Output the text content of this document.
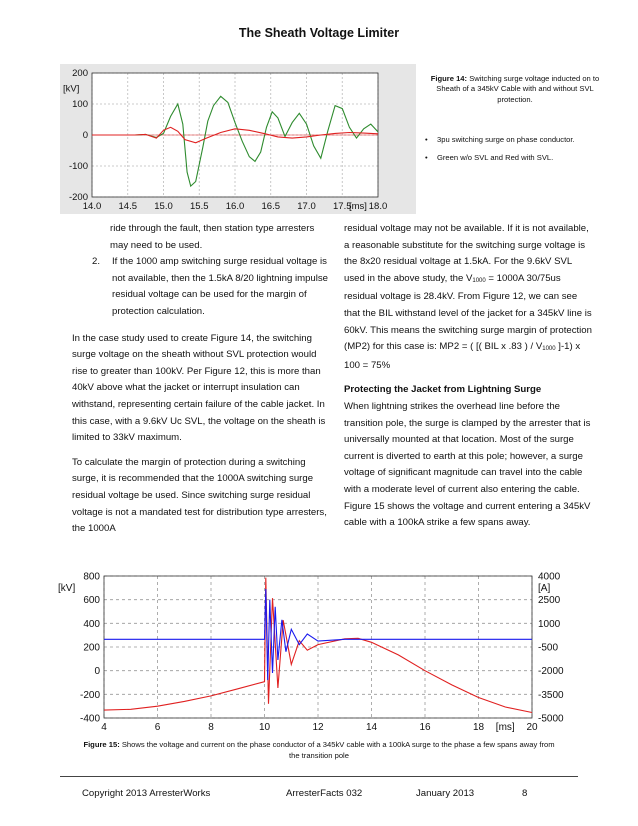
The Sheath Voltage Limiter
14.0 14.5 15.0 15.5 16.0 16.5 17.0 17.5 18.0
200
100
0
-100
-200
[kV]
[ms]
Figure 14: Switching surge voltage inducted on to Sheath of a 345kV Cable with and without SVL protection.
•	3pu switching surge on phase conductor.
•	Green w/o SVL and Red with SVL.
ride through the fault, then station type arresters may need to be used.
2.	If the 1000 amp switching surge residual voltage is not available, then the 1.5kA 8/20 lightning impulse residual voltage can be used for the margin of protection calculation.
In the case study used to create Figure 14, the switching surge voltage on the sheath without SVL protection would rise to greater than 100kV. Per Figure 12, this is more than 40kV above what the jacket or interrupt insulation can withstand, representing certain failure of the cable jacket. In this case, with a 9.6kV Uc SVL, the voltage on the sheath is limited to 33kV maximum.
To calculate the margin of protection during a switching surge, it is recommended that the 1000A switching surge residual voltage be used. Since switching surge residual voltage is not a mandated test for distribution type arresters, the 1000A
residual voltage may not be available. If it is not available, a reasonable substitute for the switching surge voltage is the 8x20 residual voltage at 1.5kA. For the 9.6kV SVL used in the above study, the $V_{1000} = 1000A$ 30/75us residual voltage is 28.4kV. From Figure 12, we can see that the BIL withstand level of the jacket for a 345kV line is 60kV. This means the switching surge margin of protection (MP2) for this case is: MP2 = ( [( BIL x .83 ) / $V_{1000}$ ]-1) x 100 = 75%
Protecting the Jacket from Lightning Surge
When lightning strikes the overhead line before the transition pole, the surge is clamped by the arrester that is universally mounted at that location. Most of the surge current is diverted to earth at this pole; however, a surge voltage of significant magnitude can travel into the cable with a moderate level of current also entering the cable. Figure 15 shows the voltage and current entering a 345kV cable with a 100kA strike a few spans away.
4	6	8	10	12	14	16	18	20
800
600
400
200
0
-200
-400
4000
2500
1000
-500
-2000
-3500
-5000
[kV]	[A]
[ms]
Figure 15: Shows the voltage and current on the phase conductor of a 345kV cable with a 100kA surge to the phase a few spans away from the transition pole
Copyright 2013 ArresterWorks	ArresterFacts 032	January 2013	8
